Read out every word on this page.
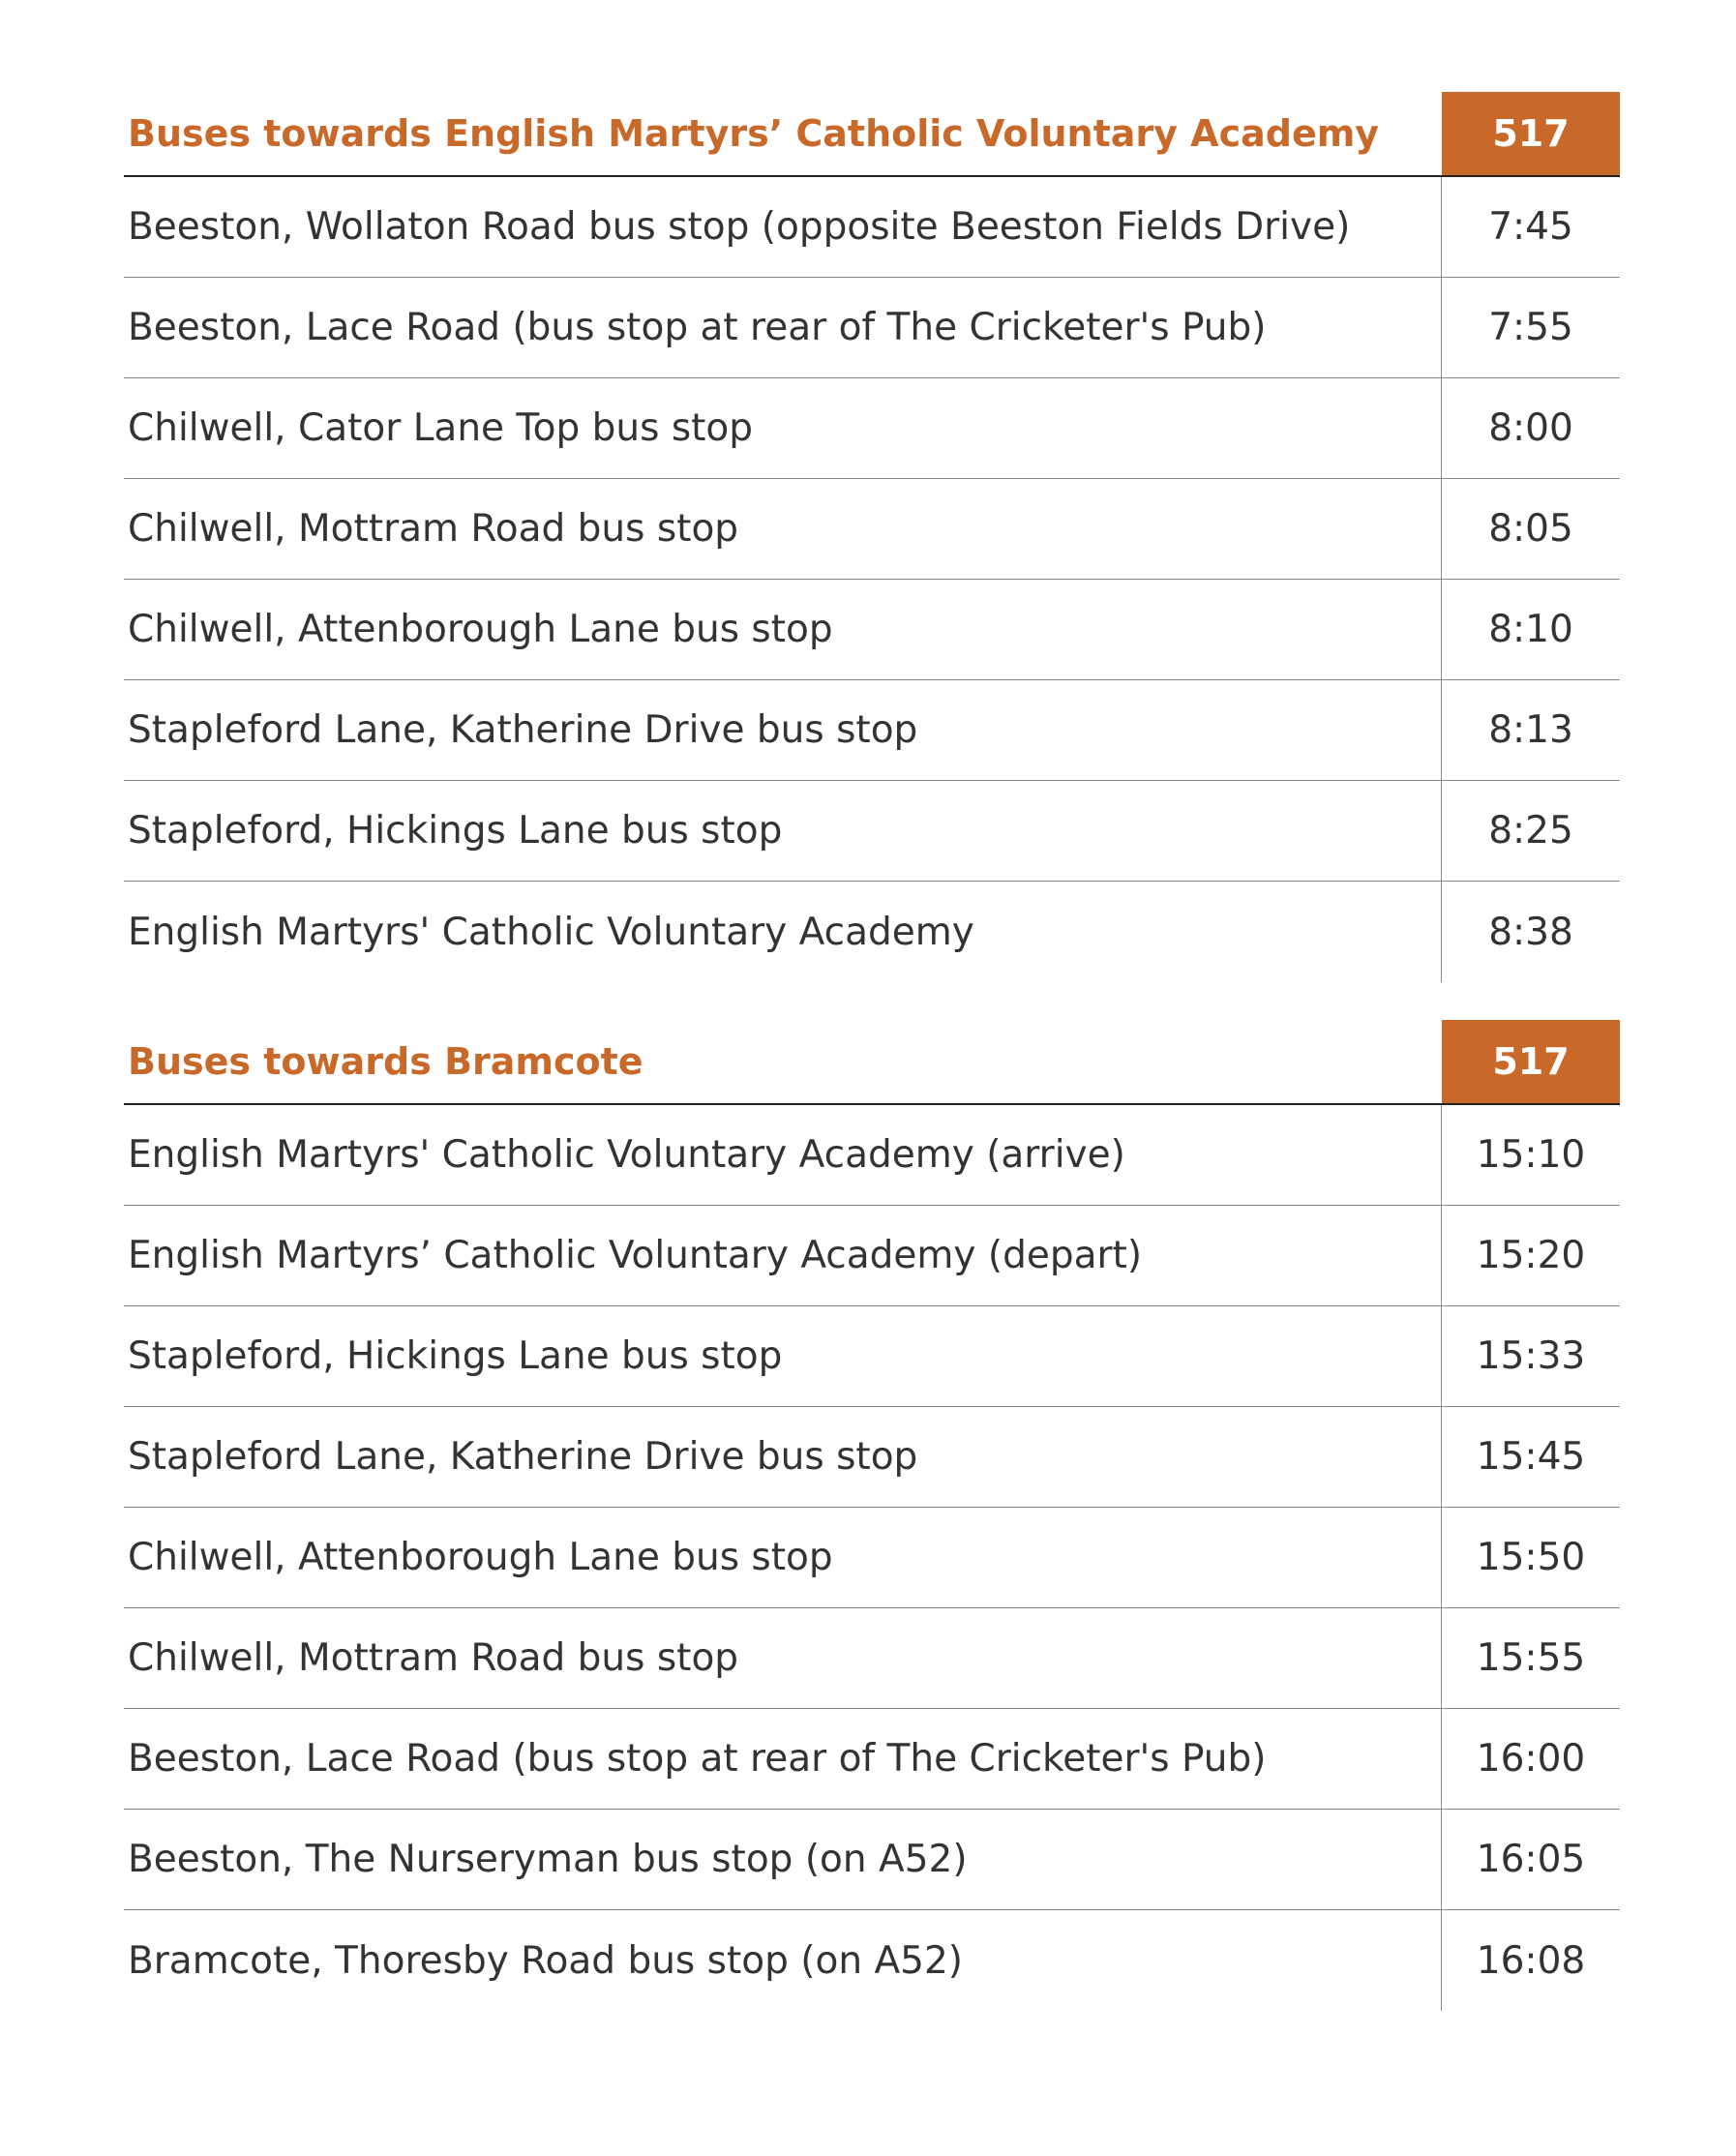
Buses towards English Martyrs’ Catholic Voluntary Academy	517
Beeston, Wollaton Road bus stop (opposite Beeston Fields Drive)	7:45
Beeston, Lace Road (bus stop at rear of The Cricketer's Pub)	7:55
Chilwell, Cator Lane Top bus stop	8:00
Chilwell, Mottram Road bus stop	8:05
Chilwell, Attenborough Lane bus stop	8:10
Stapleford Lane, Katherine Drive bus stop	8:13
Stapleford, Hickings Lane bus stop	8:25
English Martyrs' Catholic Voluntary Academy	8:38
Buses towards Bramcote	517
English Martyrs' Catholic Voluntary Academy (arrive)	15:10
English Martyrs’ Catholic Voluntary Academy (depart)	15:20
Stapleford, Hickings Lane bus stop	15:33
Stapleford Lane, Katherine Drive bus stop	15:45
Chilwell, Attenborough Lane bus stop	15:50
Chilwell, Mottram Road bus stop	15:55
Beeston, Lace Road (bus stop at rear of The Cricketer's Pub)	16:00
Beeston, The Nurseryman bus stop (on A52)	16:05
Bramcote, Thoresby Road bus stop (on A52)	16:08
